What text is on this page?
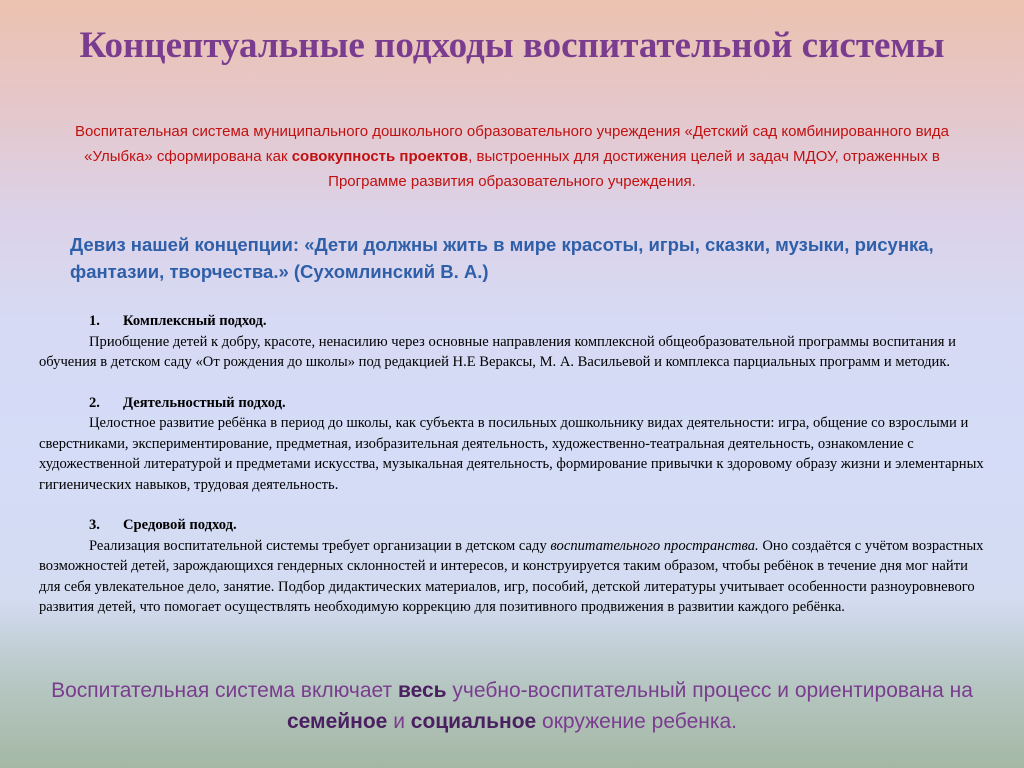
Концептуальные подходы воспитательной системы

Воспитательная система муниципального дошкольного образовательного учреждения «Детский сад комбинированного вида «Улыбка» сформирована как совокупность проектов, выстроенных для достижения целей и задач МДОУ, отраженных в Программе развития образовательного учреждения.

Девиз нашей концепции: «Дети должны жить в мире красоты, игры, сказки, музыки, рисунка, фантазии, творчества.» (Сухомлинский В. А.)

1. Комплексный подход.

Приобщение детей к добру, красоте, ненасилию через основные направления комплексной общеобразовательной программы воспитания и обучения в детском саду «От рождения до школы» под редакцией Н.Е Вераксы, М. А. Васильевой и комплекса парциальных программ и методик.

2. Деятельностный подход.

Целостное развитие ребёнка в период до школы, как субъекта в посильных дошкольнику видах деятельности: игра, общение со взрослыми и сверстниками, экспериментирование, предметная, изобразительная деятельность, художественно-театральная деятельность, ознакомление с художественной литературой и предметами искусства, музыкальная деятельность, формирование привычки к здоровому образу жизни и элементарных гигиенических навыков, трудовая деятельность.

3. Средовой подход.

Реализация воспитательной системы требует организации в детском саду воспитательного пространства. Оно создаётся с учётом возрастных возможностей детей, зарождающихся гендерных склонностей и интересов, и конструируется таким образом, чтобы ребёнок в течение дня мог найти для себя увлекательное дело, занятие. Подбор дидактических материалов, игр, пособий, детской литературы учитывает особенности разноуровневого развития детей, что помогает осуществлять необходимую коррекцию для позитивного продвижения в развитии каждого ребёнка.

Воспитательная система включает весь учебно-воспитательный процесс и ориентирована на семейное и социальное окружение ребенка.
